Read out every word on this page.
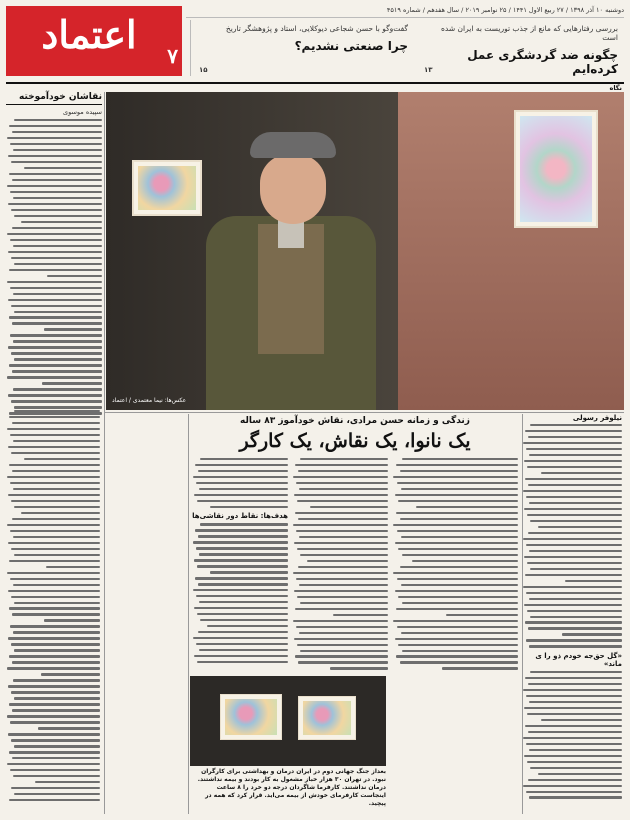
اعتماد	۷
دوشنبه ۱۰ آذر ۱۳۹۸ / ۲۷ ربیع الاول ۱۴۴۱ / ۲۵ نوامبر ۲۰۱۹ / سال هفدهم / شماره ۴۵۱۹
بررسی رفتارهایی که مانع از جذب توریست به ایران شده است
چگونه ضد گردشگری عمل کرده‌ایم
۱۳
گفت‌وگو با حسن شجاعی دیوکلایی، استاد و پژوهشگر تاریخ
چرا صنعتی نشدیم؟
۱۵
نگاه
عکس‌ها: نیما معتمدی / اعتماد
نقاشان خودآموخته
سپیده موسوی
زندگی و زمانه حسن مرادی، نقاش خودآموز ۸۳ ساله
یک نانوا، یک نقاش، یک کارگر
نیلوفر رسولی
«گل حق‌جه خودم ذو را ی ماند»
هدف‌ها: نقاط دور نقاشی‌ها
بعداز جنگ جهانی دوم در ایران درمان و بهداشتی برای کارگران نبود. در تهران ۳۰ هزار خباز مشغول به کار بودند و بیمه نداشتند. درمان نداشتند. کارفرما شاگردان درجه دو خرد را ۸ ساعت اینجاست کارفرمای خودش از بیمه می‌اید. قرار کرد که همه در پیچید.
